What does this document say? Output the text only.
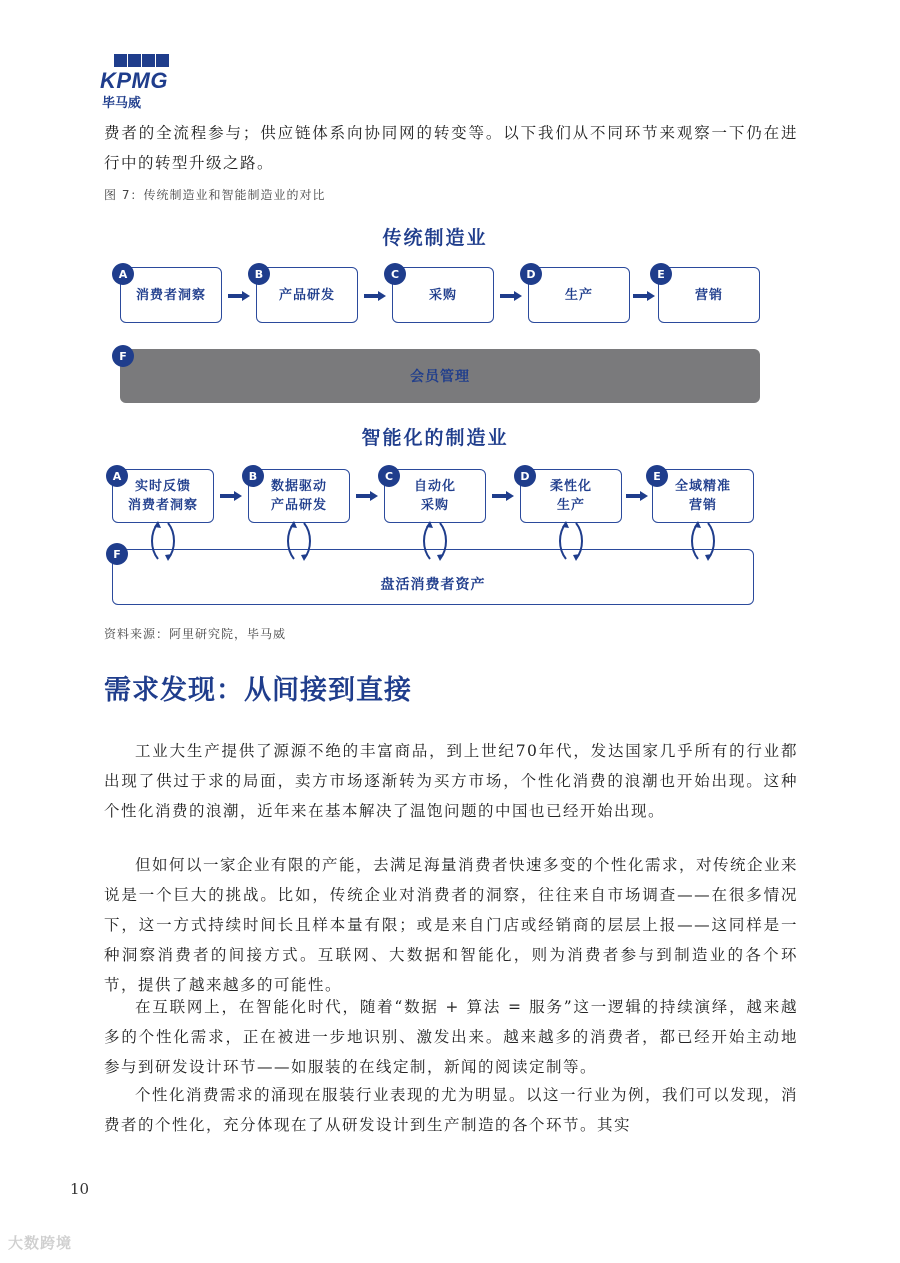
KPMG
毕马威
费者的全流程参与；供应链体系向协同网的转变等。以下我们从不同环节来观察一下仍在进行中的转型升级之路。
图 7：传统制造业和智能制造业的对比
传统制造业
消费者洞察
A
产品研发
B
采购
C
生产
D
营销
E
会员管理
F
智能化的制造业
盘活消费者资产
F
实时反馈
消费者洞察
A
数据驱动
产品研发
B
自动化
采购
C
柔性化
生产
D
全域精准
营销
E
资料来源：阿里研究院，毕马威
需求发现：从间接到直接
工业大生产提供了源源不绝的丰富商品，到上世纪70年代，发达国家几乎所有的行业都出现了供过于求的局面，卖方市场逐渐转为买方市场，个性化消费的浪潮也开始出现。这种个性化消费的浪潮，近年来在基本解决了温饱问题的中国也已经开始出现。
但如何以一家企业有限的产能，去满足海量消费者快速多变的个性化需求，对传统企业来说是一个巨大的挑战。比如，传统企业对消费者的洞察，往往来自市场调查——在很多情况下，这一方式持续时间长且样本量有限；或是来自门店或经销商的层层上报——这同样是一种洞察消费者的间接方式。互联网、大数据和智能化，则为消费者参与到制造业的各个环节，提供了越来越多的可能性。
在互联网上，在智能化时代，随着“数据 + 算法 = 服务”这一逻辑的持续演绎，越来越多的个性化需求，正在被进一步地识别、激发出来。越来越多的消费者，都已经开始主动地参与到研发设计环节——如服装的在线定制，新闻的阅读定制等。
个性化消费需求的涌现在服装行业表现的尤为明显。以这一行业为例，我们可以发现，消费者的个性化，充分体现在了从研发设计到生产制造的各个环节。其实
10
大数跨境
